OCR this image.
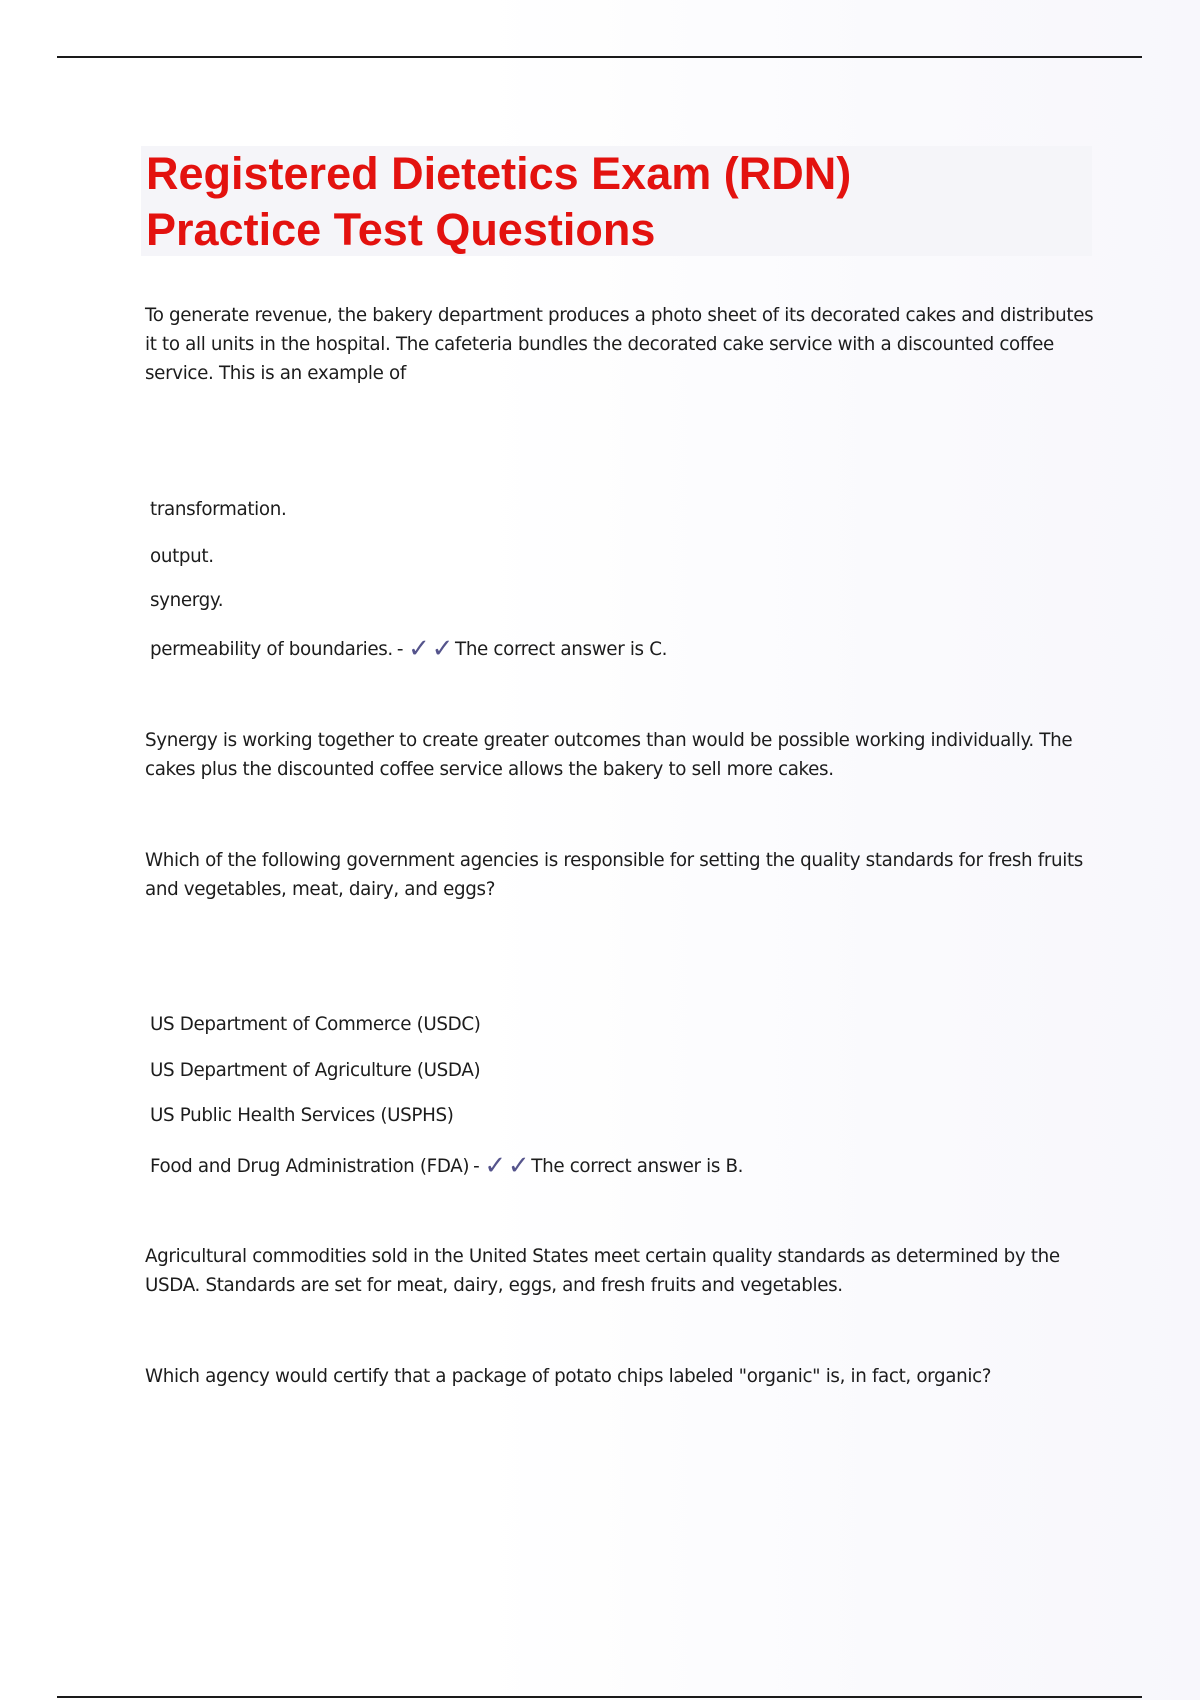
Registered Dietetics Exam (RDN)
Practice Test Questions

To generate revenue, the bakery department produces a photo sheet of its decorated cakes and distributes it to all units in the hospital. The cafeteria bundles the decorated cake service with a discounted coffee service. This is an example of

transformation.

output.

synergy.

permeability of boundaries. - ✓✓ The correct answer is C.

Synergy is working together to create greater outcomes than would be possible working individually. The cakes plus the discounted coffee service allows the bakery to sell more cakes.

Which of the following government agencies is responsible for setting the quality standards for fresh fruits and vegetables, meat, dairy, and eggs?

US Department of Commerce (USDC)

US Department of Agriculture (USDA)

US Public Health Services (USPHS)

Food and Drug Administration (FDA) - ✓✓ The correct answer is B.

Agricultural commodities sold in the United States meet certain quality standards as determined by the USDA. Standards are set for meat, dairy, eggs, and fresh fruits and vegetables.

Which agency would certify that a package of potato chips labeled "organic" is, in fact, organic?
